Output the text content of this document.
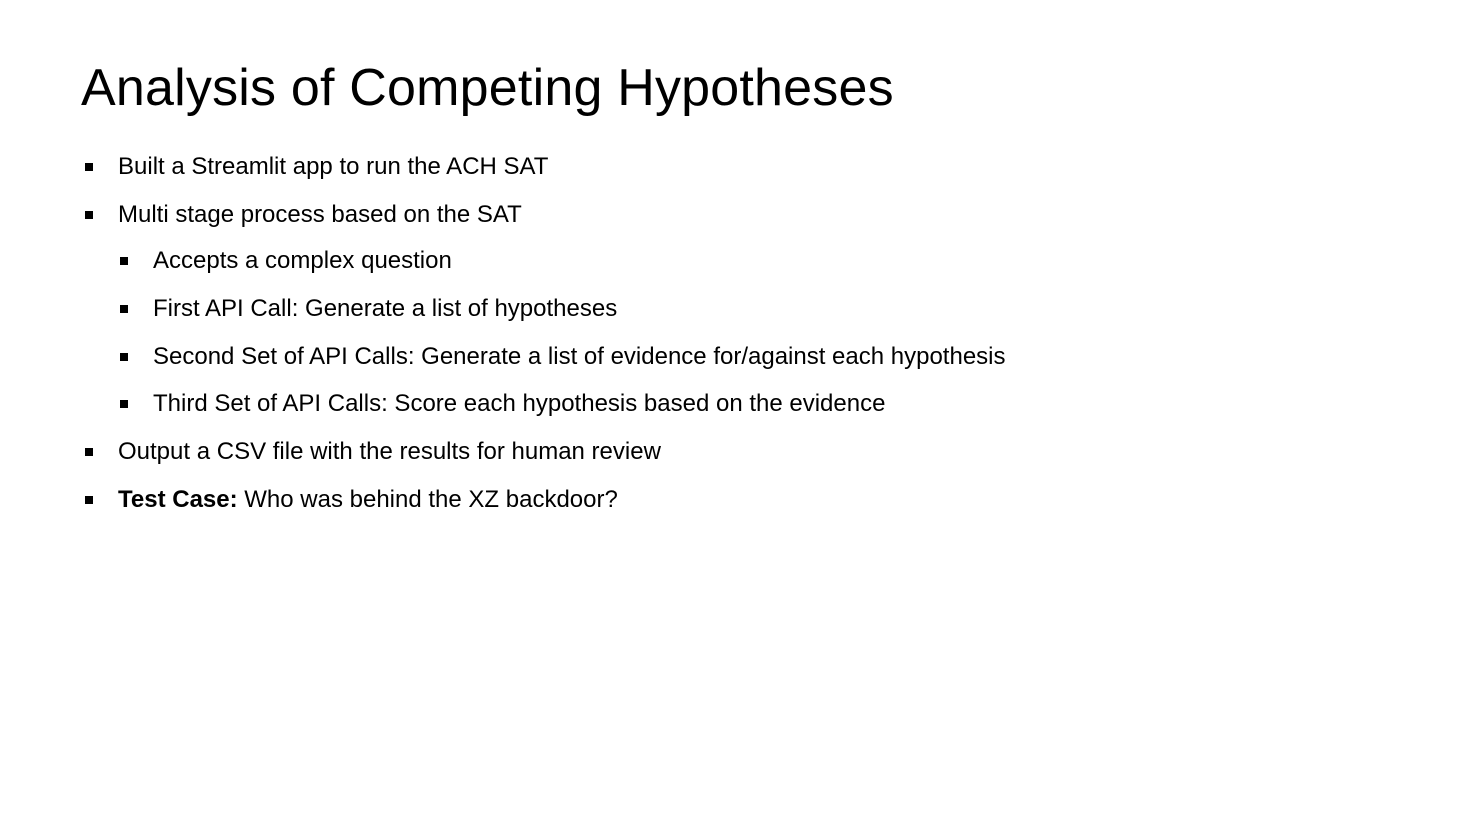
Analysis of Competing Hypotheses
Built a Streamlit app to run the ACH SAT
Multi stage process based on the SAT
Accepts a complex question
First API Call: Generate a list of hypotheses
Second Set of API Calls: Generate a list of evidence for/against each hypothesis
Third Set of API Calls: Score each hypothesis based on the evidence
Output a CSV file with the results for human review
Test Case: Who was behind the XZ backdoor?
